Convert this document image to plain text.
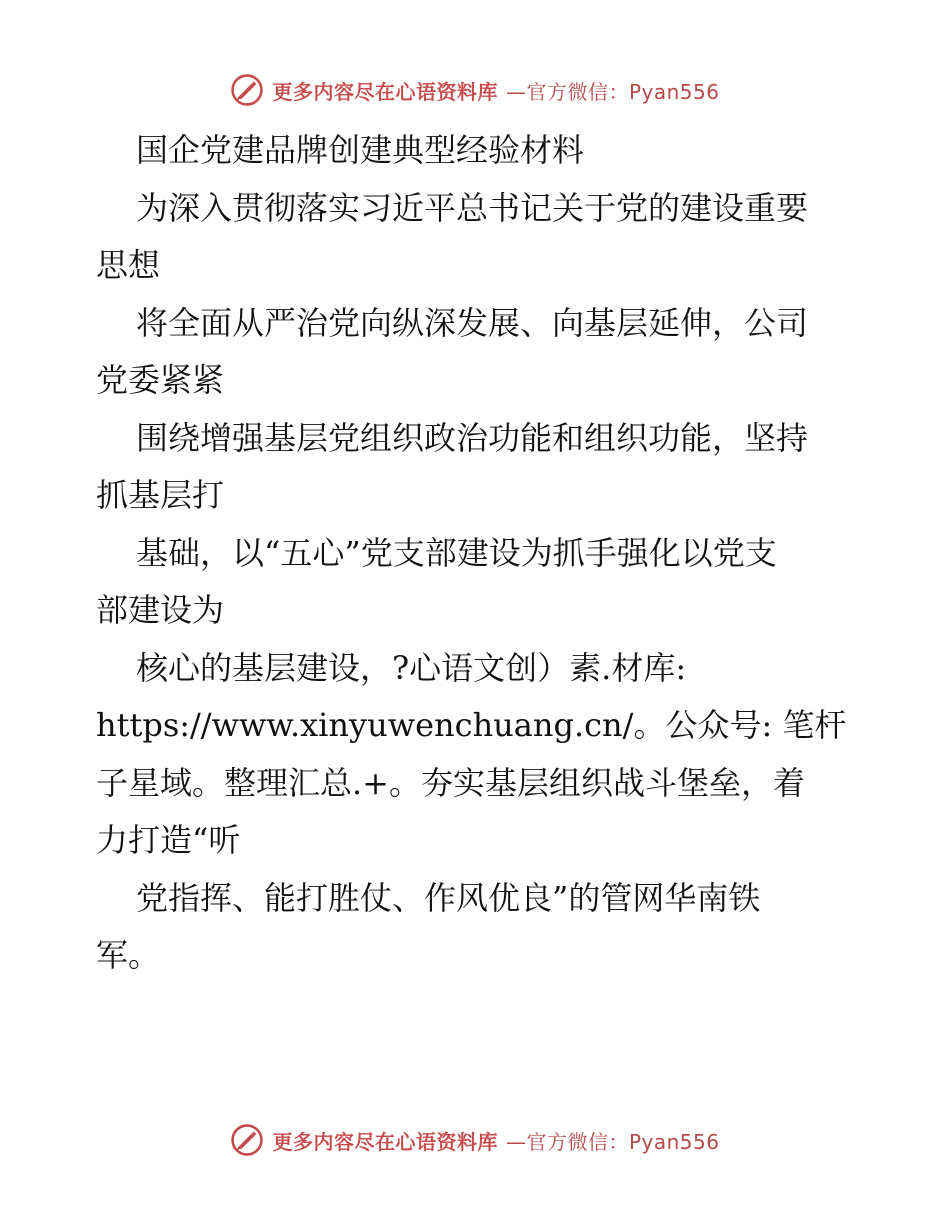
更多内容尽在心语资料库 —官方微信：Pyan556
国企党建品牌创建典型经验材料
为深入贯彻落实习近平总书记关于党的建设重要
思想
将全面从严治党向纵深发展、向基层延伸，公司
党委紧紧
围绕增强基层党组织政治功能和组织功能，坚持
抓基层打
基础，以“五心”党支部建设为抓手强化以党支
部建设为
核心的基层建设，?心语文创）素.材库:
https://www.xinyuwenchuang.cn/。公众号: 笔杆
子星域。整理汇总.+。夯实基层组织战斗堡垒，着
力打造“听
党指挥、能打胜仗、作风优良”的管网华南铁
军。
更多内容尽在心语资料库 —官方微信：Pyan556
